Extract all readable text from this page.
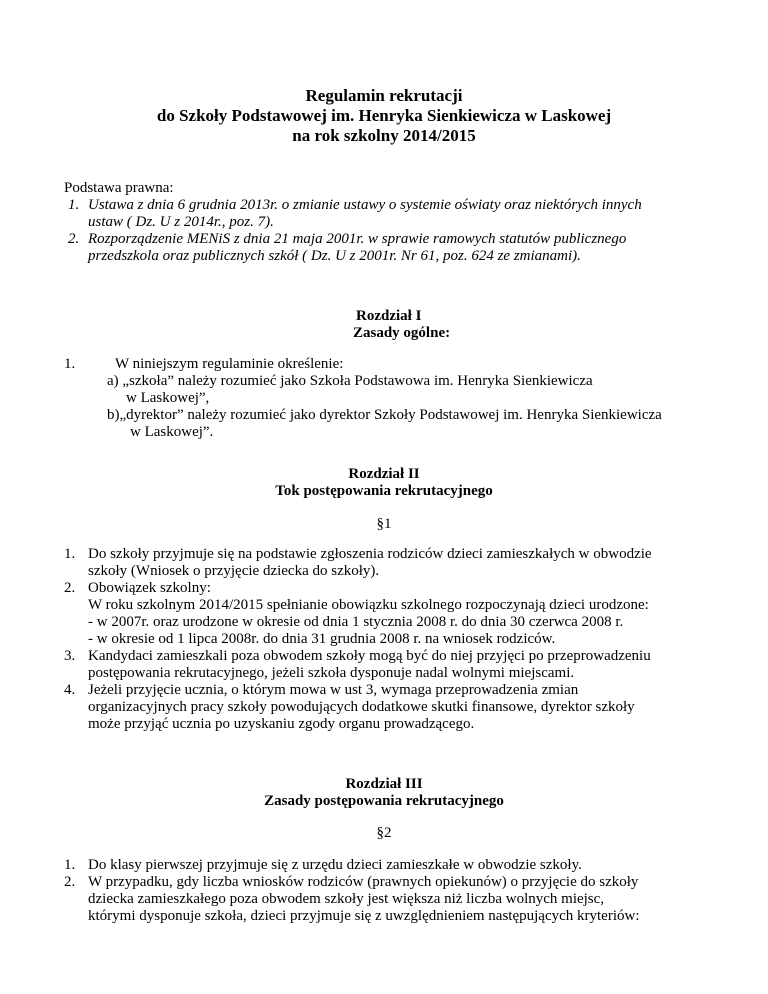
Regulamin rekrutacji
do Szkoły Podstawowej im. Henryka Sienkiewicza w Laskowej
na rok szkolny 2014/2015
Podstawa prawna:
1. Ustawa z dnia 6 grudnia 2013r. o zmianie ustawy o systemie oświaty oraz niektórych innych
ustaw ( Dz. U z 2014r., poz. 7).
2. Rozporządzenie MENiS z dnia 21 maja 2001r. w sprawie ramowych statutów publicznego
przedszkola oraz publicznych szkół ( Dz. U z 2001r. Nr 61, poz. 624 ze zmianami).
Rozdział I
Zasady ogólne:
1.	W niniejszym regulaminie określenie:
a) „szkoła” należy rozumieć jako Szkoła Podstawowa im. Henryka Sienkiewicza
w Laskowej”,
b)„dyrektor” należy rozumieć jako dyrektor Szkoły Podstawowej im. Henryka Sienkiewicza
w Laskowej”.
Rozdział II
Tok postępowania rekrutacyjnego
§1
1. Do szkoły przyjmuje się na podstawie zgłoszenia rodziców dzieci zamieszkałych w obwodzie
szkoły (Wniosek o przyjęcie dziecka do szkoły).
2. Obowiązek szkolny:
W roku szkolnym 2014/2015 spełnianie obowiązku szkolnego rozpoczynają dzieci urodzone:
- w 2007r. oraz urodzone w okresie od dnia 1 stycznia 2008 r. do dnia 30 czerwca 2008 r.
- w okresie od 1 lipca 2008r. do dnia 31 grudnia 2008 r. na wniosek rodziców.
3. Kandydaci zamieszkali poza obwodem szkoły mogą być do niej przyjęci po przeprowadzeniu
postępowania rekrutacyjnego, jeżeli szkoła dysponuje nadal wolnymi miejscami.
4. Jeżeli przyjęcie ucznia, o którym mowa w ust 3, wymaga przeprowadzenia zmian
organizacyjnych pracy szkoły powodujących dodatkowe skutki finansowe, dyrektor szkoły
może przyjąć ucznia po uzyskaniu zgody organu prowadzącego.
Rozdział III
Zasady postępowania rekrutacyjnego
§2
1. Do klasy pierwszej przyjmuje się z urzędu dzieci zamieszkałe w obwodzie szkoły.
2. W przypadku, gdy liczba wniosków rodziców (prawnych opiekunów) o przyjęcie do szkoły
dziecka zamieszkałego poza obwodem szkoły jest większa niż liczba wolnych miejsc,
którymi dysponuje szkoła, dzieci przyjmuje się z uwzględnieniem następujących kryteriów:
